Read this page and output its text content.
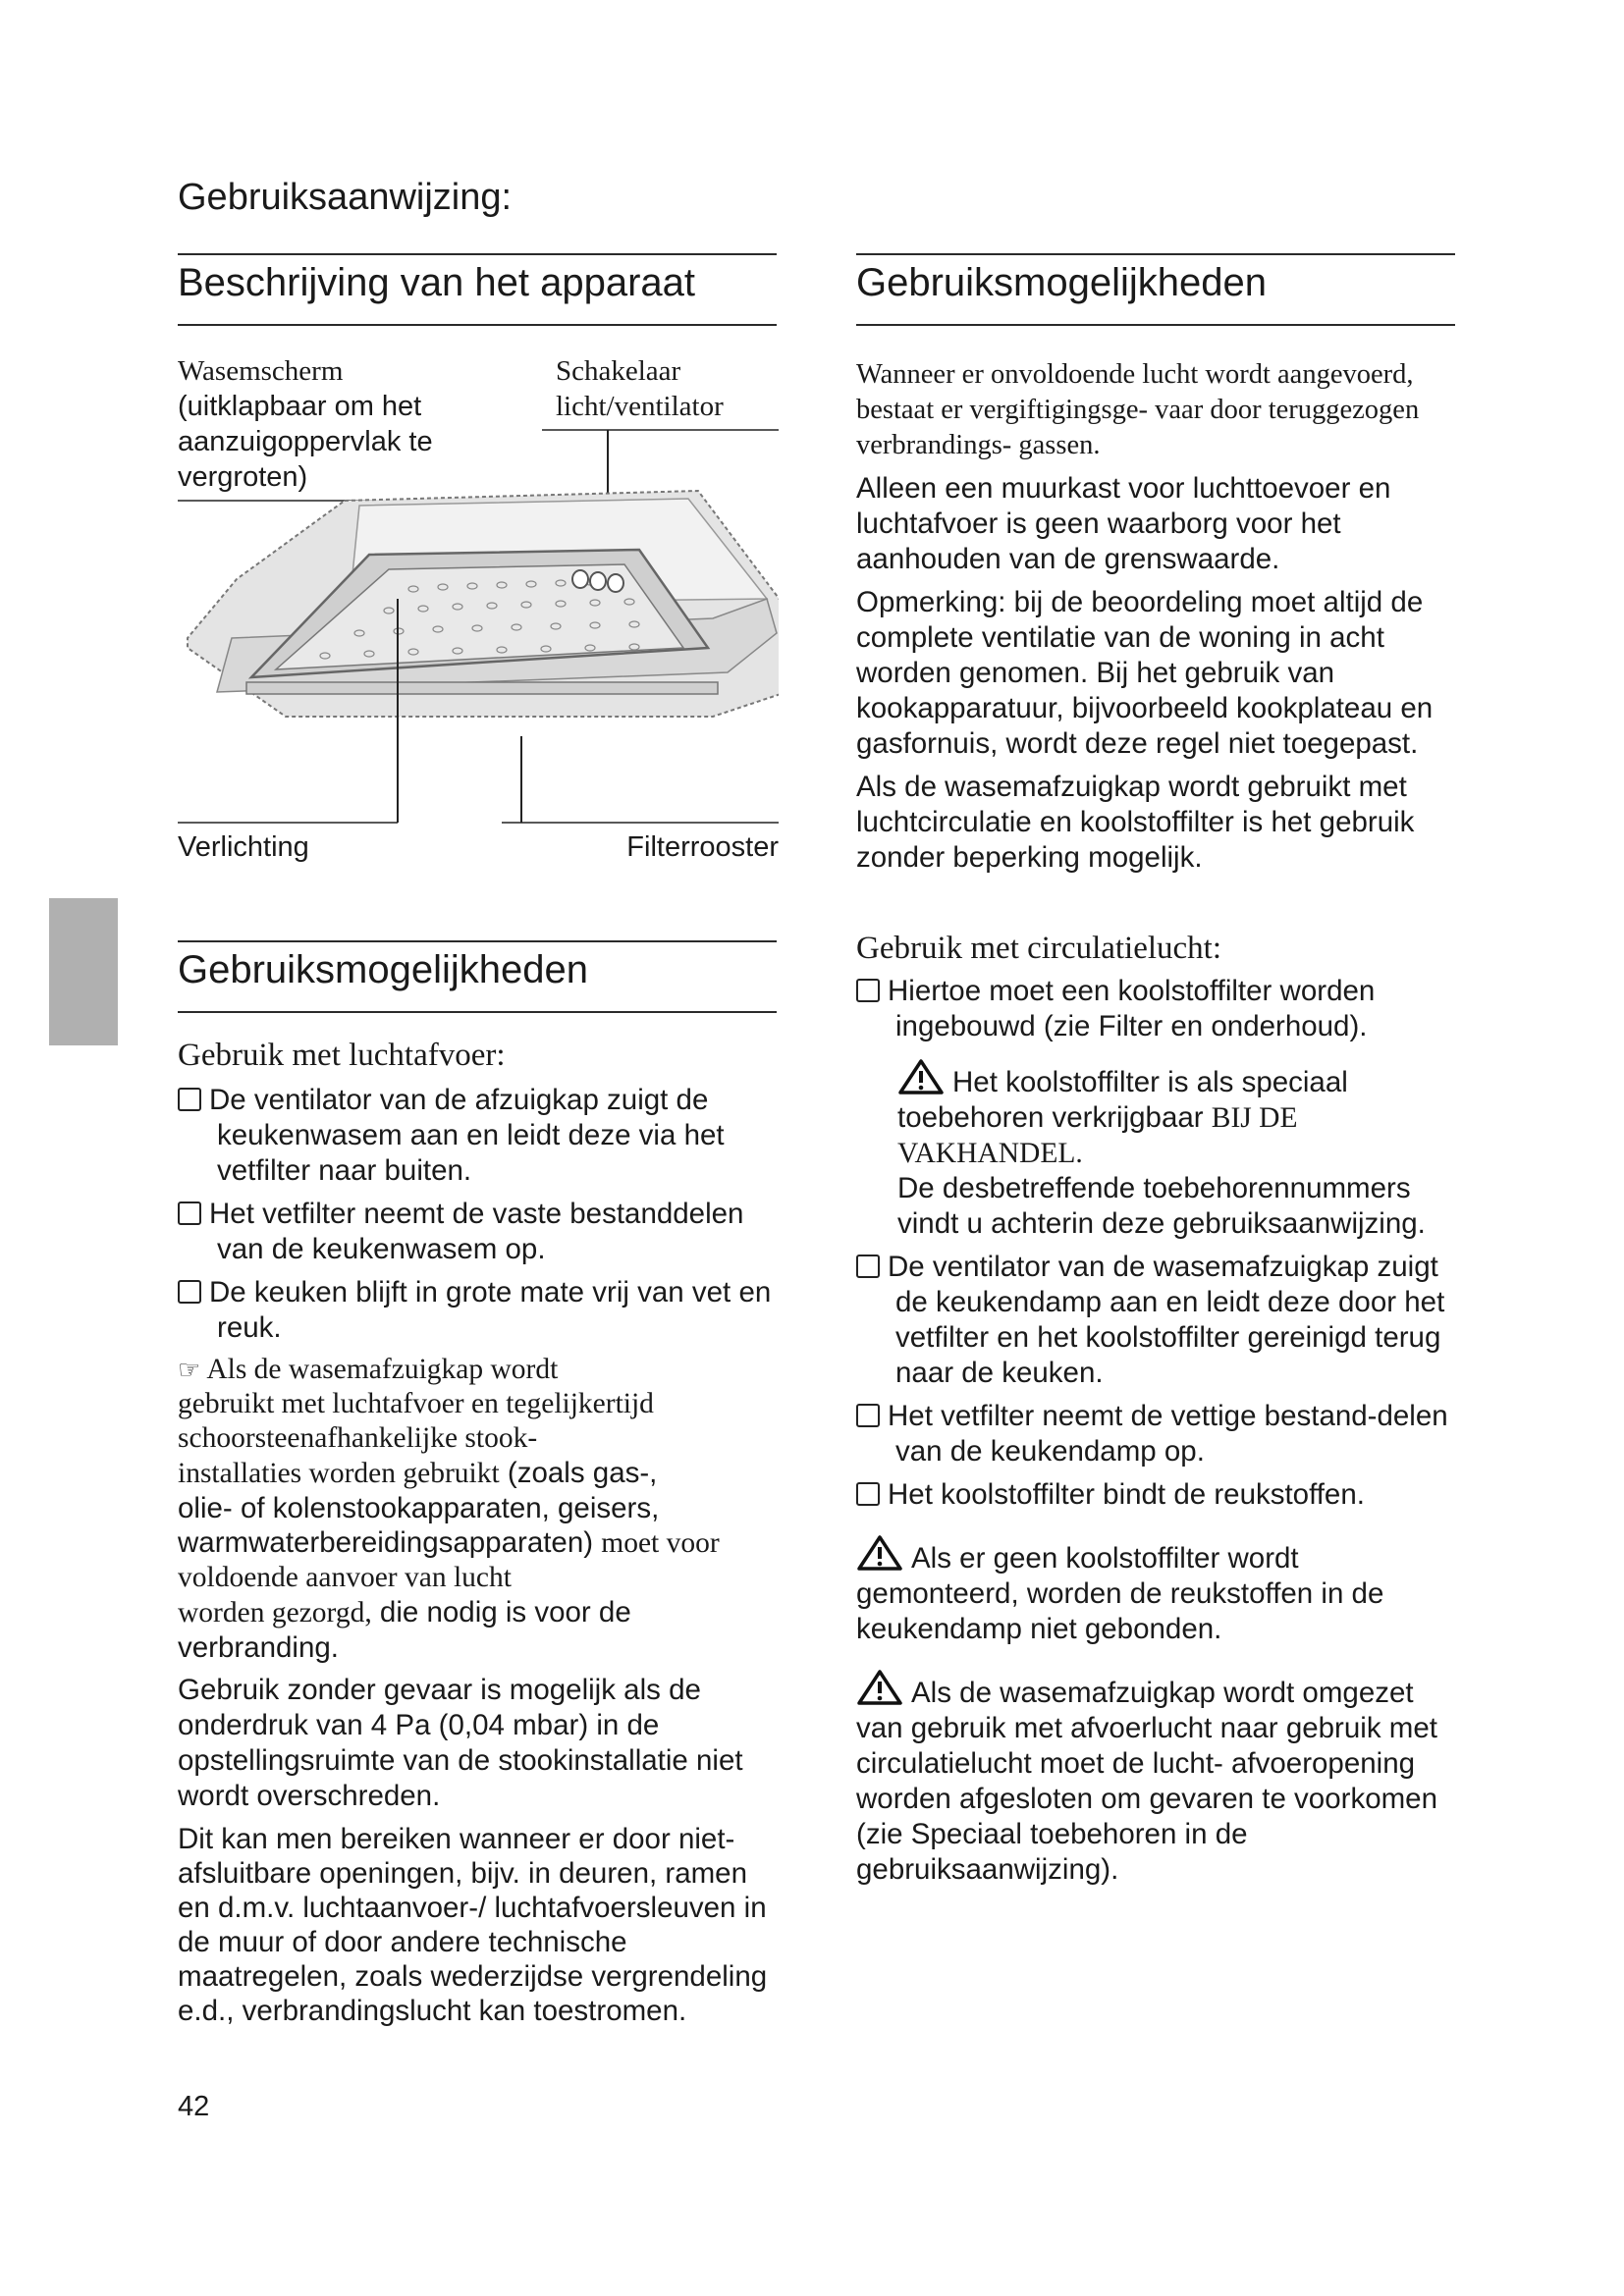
Gebruiksaanwijzing:
Beschrijving van het apparaat
Wasemscherm
(uitklapbaar om het
aanzuigoppervlak te
vergroten)
Schakelaar
licht/ventilator
Verlichting	Filterrooster
Gebruiksmogelijkheden

Gebruik met luchtafvoer:

De ventilator van de afzuigkap zuigt de keukenwasem aan en leidt deze via het vetfilter naar buiten.

Het vetfilter neemt de vaste bestanddelen van de keukenwasem op.

De keuken blijft in grote mate vrij van vet en reuk.

☞ Als de wasemafzuigkap wordt
gebruikt met luchtafvoer en tegelijkertijd
schoorsteenafhankelijke stook-
installaties worden gebruikt (zoals gas-,
olie- of kolenstookapparaten, geisers,
warmwaterbereidingsapparaten) moet voor
voldoende aanvoer van lucht
worden gezorgd, die nodig is voor de
verbranding.

Gebruik zonder gevaar is mogelijk als de onderdruk van 4 Pa (0,04 mbar) in de opstellingsruimte van de stookinstallatie niet wordt overschreden.

Dit kan men bereiken wanneer er door niet-afsluitbare openingen, bijv. in deuren, ramen en d.m.v. luchtaanvoer-/ luchtafvoersleuven in de muur of door andere technische maatregelen, zoals wederzijdse vergrendeling e.d., verbrandingslucht kan toestromen.

42
Gebruiksmogelijkheden

Wanneer er onvoldoende lucht wordt aangevoerd, bestaat er vergiftigingsge- vaar door teruggezogen verbrandings- gassen.

Alleen een muurkast voor luchttoevoer en luchtafvoer is geen waarborg voor het aanhouden van de grenswaarde.

Opmerking: bij de beoordeling moet altijd de complete ventilatie van de woning in acht worden genomen. Bij het gebruik van kookapparatuur, bijvoorbeeld kookplateau en gasfornuis, wordt deze regel niet toegepast.

Als de wasemafzuigkap wordt gebruikt met luchtcirculatie en koolstoffilter is het gebruik zonder beperking mogelijk.

Gebruik met circulatielucht:

Hiertoe moet een koolstoffilter worden ingebouwd (zie Filter en onderhoud).

Het koolstoffilter is als speciaal toebehoren verkrijgbaar BIJ DE VAKHANDEL.

De desbetreffende toebehorennummers vindt u achterin deze gebruiksaanwijzing.

De ventilator van de wasemafzuigkap zuigt de keukendamp aan en leidt deze door het vetfilter en het koolstoffilter gereinigd terug naar de keuken.

Het vetfilter neemt de vettige bestand-delen van de keukendamp op.

Het koolstoffilter bindt de reukstoffen.

Als er geen koolstoffilter wordt gemonteerd, worden de reukstoffen in de keukendamp niet gebonden.

Als de wasemafzuigkap wordt omgezet van gebruik met afvoerlucht naar gebruik met circulatielucht moet de lucht- afvoeropening worden afgesloten om gevaren te voorkomen (zie Speciaal toebehoren in de gebruiksaanwijzing).
